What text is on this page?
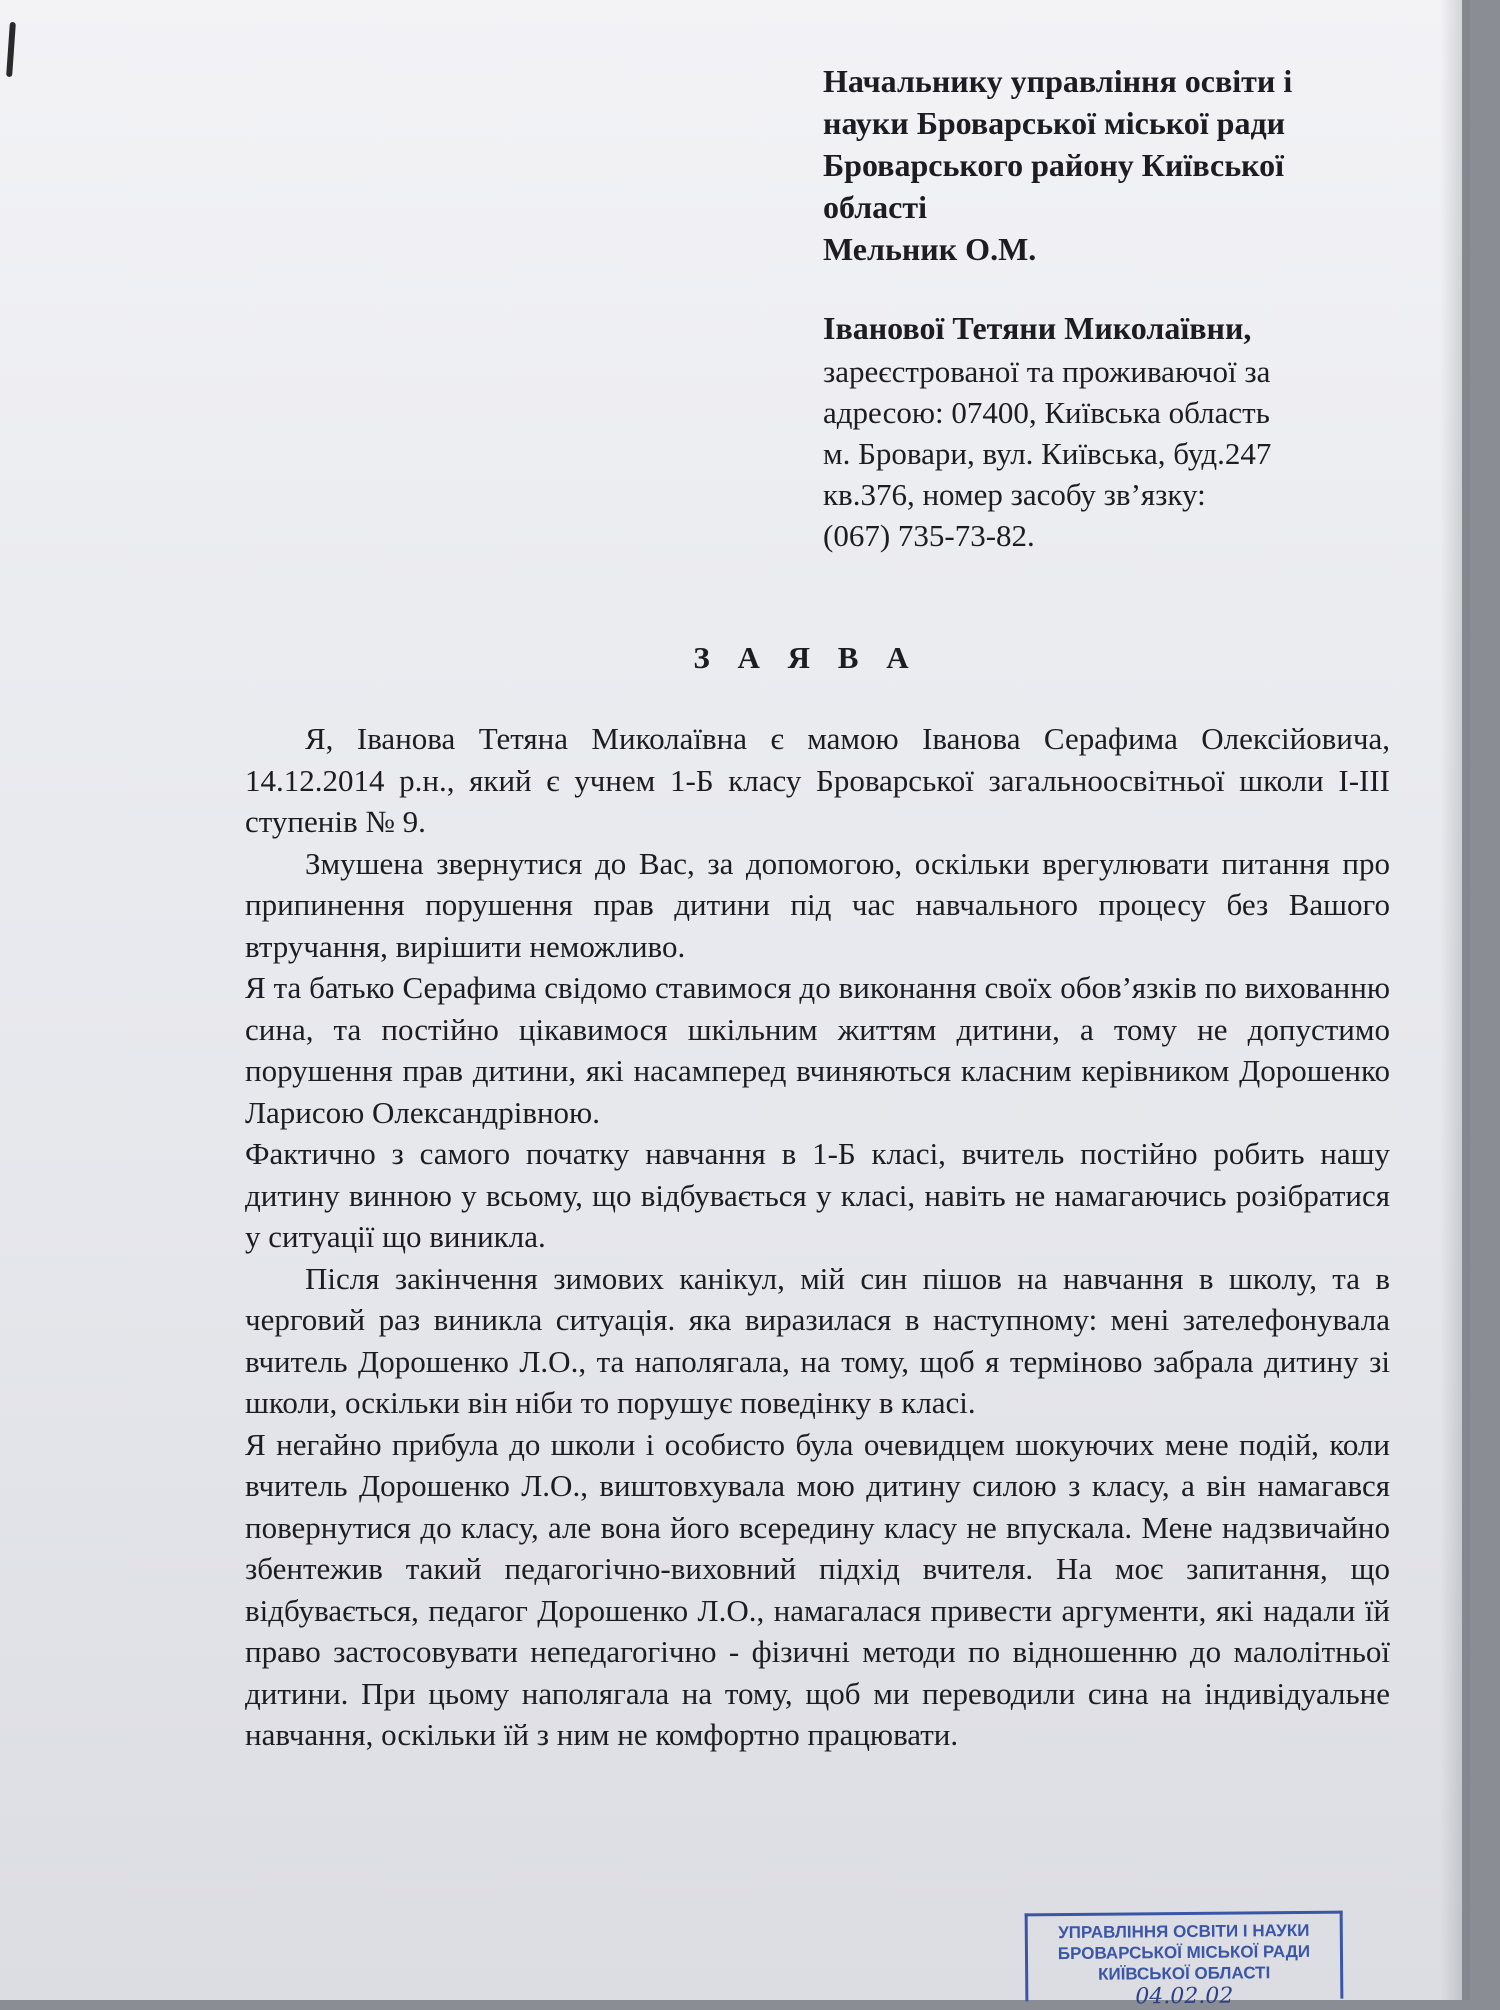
Начальнику управління освіти і
науки Броварської міської ради
Броварського району Київської
області
Мельник О.М.
Іванової Тетяни Миколаївни,
зареєстрованої та проживаючої за
адресою: 07400, Київська область
м. Бровари, вул. Київська, буд.247
кв.376, номер засобу зв’язку:
(067) 735-73-82.
З А Я В А

Я, Іванова Тетяна Миколаївна є мамою Іванова Серафима Олексійовича, 14.12.2014 р.н., який є учнем 1-Б класу Броварської загальноосвітньої школи І-ІІІ ступенів № 9.

Змушена звернутися до Вас, за допомогою, оскільки врегулювати питання про припинення порушення прав дитини під час навчального процесу без Вашого втручання, вирішити неможливо.

Я та батько Серафима свідомо ставимося до виконання своїх обов’язків по вихованню сина, та постійно цікавимося шкільним життям дитини, а тому не допустимо порушення прав дитини, які насамперед вчиняються класним керівником Дорошенко Ларисою Олександрівною.

Фактично з самого початку навчання в 1-Б класі, вчитель постійно робить нашу дитину винною у всьому, що відбувається у класі, навіть не намагаючись розібратися у ситуації що виникла.

Після закінчення зимових канікул, мій син пішов на навчання в школу, та в черговий раз виникла ситуація. яка виразилася в наступному: мені зателефонувала вчитель Дорошенко Л.О., та наполягала, на тому, щоб я терміново забрала дитину зі школи, оскільки він ніби то порушує поведінку в класі.

Я негайно прибула до школи і особисто була очевидцем шокуючих мене подій, коли вчитель Дорошенко Л.О., виштовхувала мою дитину силою з класу, а він намагався повернутися до класу, але вона його всередину класу не впускала. Мене надзвичайно збентежив такий педагогічно-виховний підхід вчителя. На моє запитання, що відбувається, педагог Дорошенко Л.О., намагалася привести аргументи, які надали їй право застосовувати непедагогічно - фізичні методи по відношенню до малолітньої дитини. При цьому наполягала на тому, щоб ми переводили сина на індивідуальне навчання, оскільки їй з ним не комфортно працювати.

УПРАВЛІННЯ ОСВІТИ І НАУКИ
БРОВАРСЬКОЇ МІСЬКОЇ РАДИ
КИЇВСЬКОЇ ОБЛАСТІ
04.02.02
